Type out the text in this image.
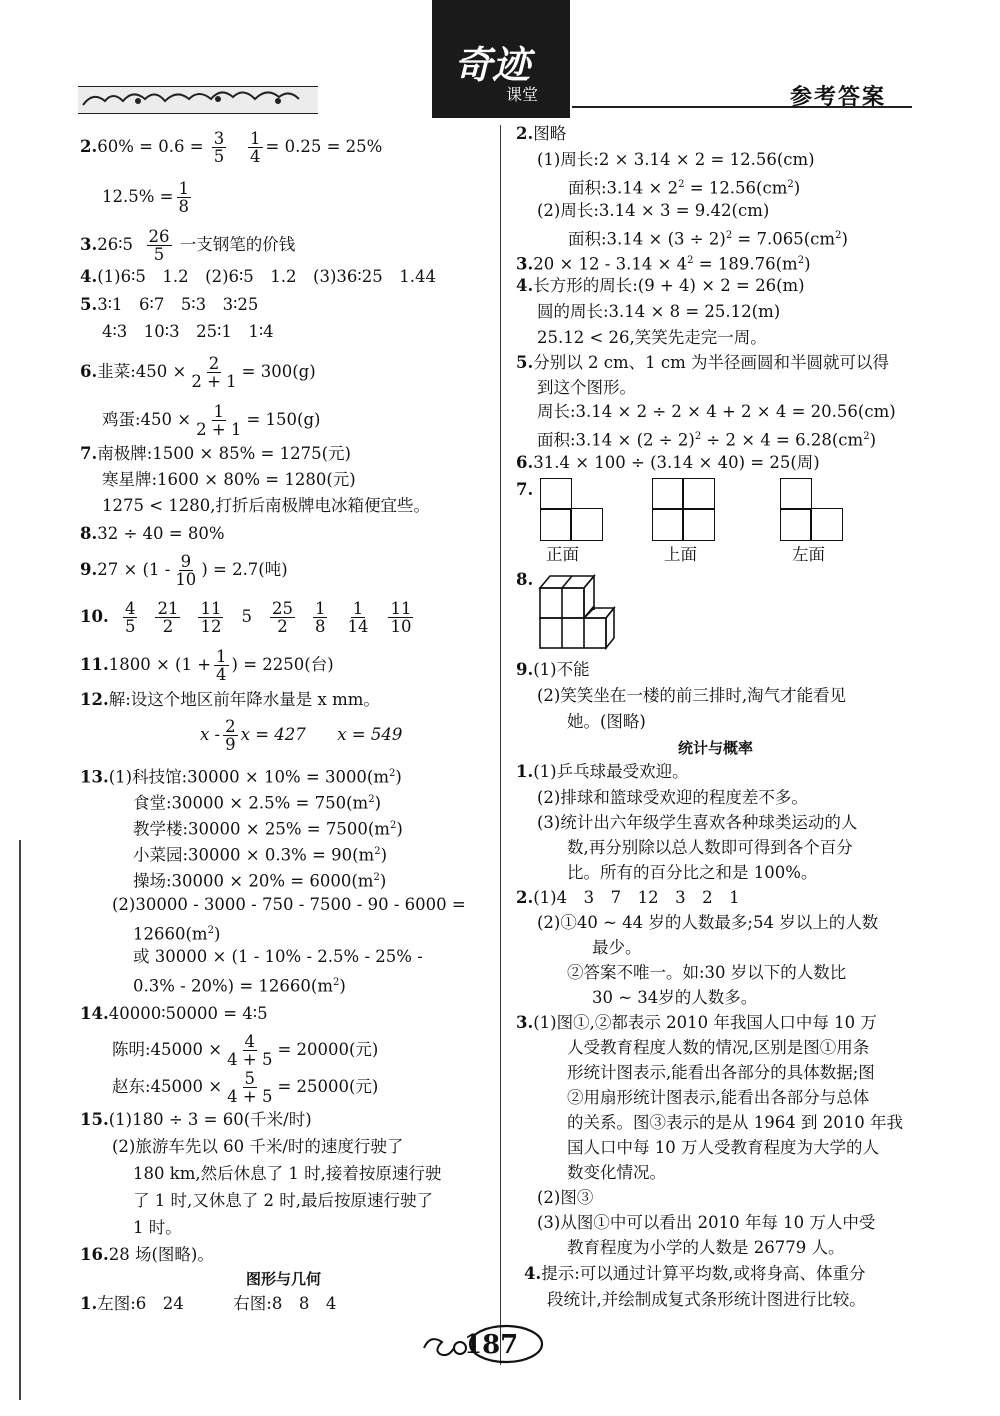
奇迹
课堂	参考答案
$2.60\% = 0.6 = \frac{3}{5}$
$\frac{1}{4} = 0.25 = 25\%$
$12.5\% = \frac{1}{8}$
3.26∶5 $\frac{26}{5}$ 一支钢笔的价钱
4.(1)6∶5　1.2　(2)6∶5　1.2　(3)36∶25　1.44
5.3∶1　6∶7　5∶3　3∶25
4∶3　10∶3　25∶1　1∶4
6.韭菜:450 × $\frac{2}{2 + 1} = 300(g)$
鸡蛋:450 × $\frac{1}{2 + 1} = 150(g)$
7.南极牌:1500 × 85% = 1275(元)
寒星牌:1600 × 80% = 1280(元)
1275 < 1280,打折后南极牌电冰箱便宜些。
8.32 ÷ 40 = 80%
$9.27 \times (1 - \frac{9}{10}$ ) = 2.7(吨)
10. $\frac{4}{5} \frac{21}{2} \frac{11}{12} 5 \frac{25}{2} \frac{1}{8} \frac{1}{14} \frac{11}{10}$
$11.1800 \times (1 + \frac{1}{4}$ ) = 2250(台)
12.解:设这个地区前年降水量是 x mm。
x - $\frac{2}{9}$ x = 427 x = 549
13.(1)科技馆:30000 × $10\% = 3000(m^2)$
食堂:30000 × $2.5\% = 750(m^2)$
教学楼:30000 × $25\% = 7500(m^2)$
小菜园:30000 × $0.3\% = 90(m^2)$
操场:30000 × $20\% = 6000(m^2)$
(2)30000 - 3000 - 750 - 7500 - 90 - 6000 =
$12660(m^2)$
或 30000 × (1 - 10% - 2.5% - 25% -
$0.3\% - 20\%) = 12660(m^2)$
14.40000∶50000 = 4∶5
陈明:45000 × $\frac{4}{4 + 5} = 20000$(元)
赵东:45000 × $\frac{5}{4 + 5} = 25000$(元)
15.(1)180 ÷ 3 = 60(千米/时)
(2)旅游车先以 60 千米/时的速度行驶了
180 km,然后休息了 1 时,接着按原速行驶
了 1 时,又休息了 2 时,最后按原速行驶了
1 时。
16.28 场(图略)。
图形与几何
1.左图:6　24　　　右图:8　8　4
2.图略
(1)周长:2 × 3.14 × 2 = 12.56(cm)
面积:3.14 × $2^2 = 12.56(cm^2)$
(2)周长:3.14 × 3 = 9.42(cm)
面积:3.14 × $(3 \div 2)^2 = 7.065(cm^2)$
$3.20 \times 12 - 3.14 \times 4^2 = 189.76(m^2)$
4.长方形的周长:(9 + 4) × 2 = 26(m)
圆的周长:3.14 × 8 = 25.12(m)
25.12 < 26,笑笑先走完一周。
5.分别以 2 cm、1 cm 为半径画圆和半圆就可以得
到这个图形。
周长:3.14 × 2 ÷ 2 × 4 + 2 × 4 = 20.56(cm)
面积:3.14 × $(2 \div 2)^2 \div 2 \times 4 = 6.28(cm^2)$
6.31.4 × 100 ÷ (3.14 × 40) = 25(周)
7.
正面	上面	左面
8.
9.(1)不能
(2)笑笑坐在一楼的前三排时,淘气才能看见
她。(图略)
统计与概率
1.(1)乒乓球最受欢迎。
(2)排球和篮球受欢迎的程度差不多。
(3)统计出六年级学生喜欢各种球类运动的人
数,再分别除以总人数即可得到各个百分
比。所有的百分比之和是 100%。
2.(1)4　3　7　12　3　2　1
(2)①40 ~ 44 岁的人数最多;54 岁以上的人数
最少。
②答案不唯一。如:30 岁以下的人数比
30 ~ 34岁的人数多。
3.(1)图①,②都表示 2010 年我国人口中每 10 万
人受教育程度人数的情况,区别是图①用条
形统计图表示,能看出各部分的具体数据;图
②用扇形统计图表示,能看出各部分与总体
的关系。图③表示的是从 1964 到 2010 年我
国人口中每 10 万人受教育程度为大学的人
数变化情况。
(2)图③
(3)从图①中可以看出 2010 年每 10 万人中受
教育程度为小学的人数是 26779 人。
4.提示:可以通过计算平均数,或将身高、体重分
段统计,并绘制成复式条形统计图进行比较。
187
